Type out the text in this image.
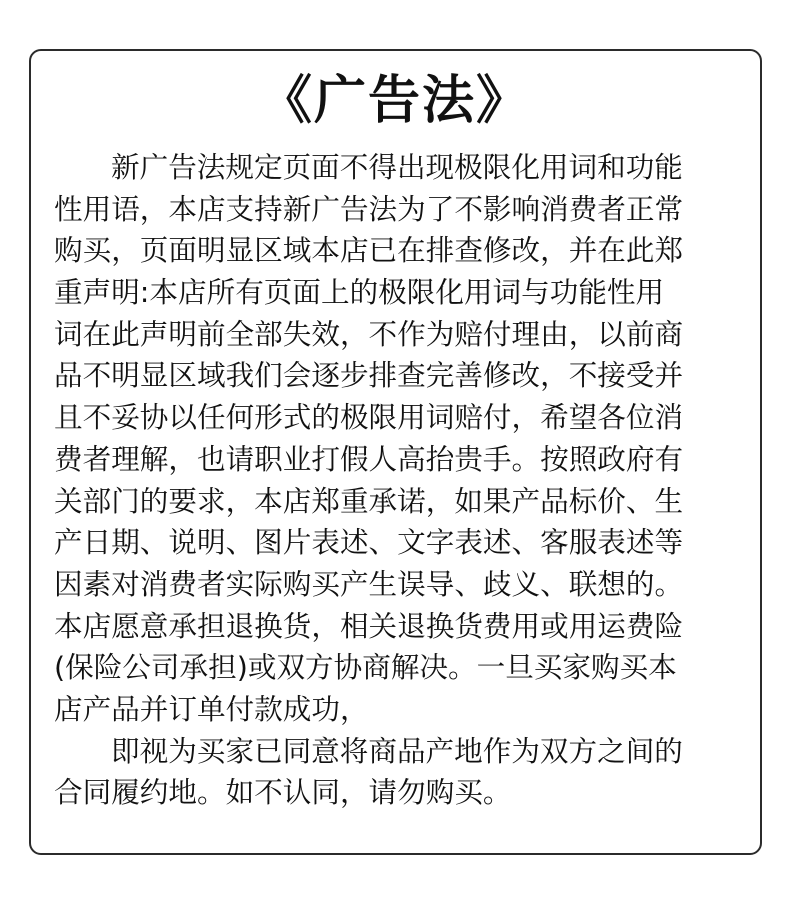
《广告法》
新广告法规定页面不得出现极限化用词和功能
性用语，本店支持新广告法为了不影响消费者正常
购买，页面明显区域本店已在排查修改，并在此郑
重声明:本店所有页面上的极限化用词与功能性用
词在此声明前全部失效，不作为赔付理由，以前商
品不明显区域我们会逐步排查完善修改，不接受并
且不妥协以任何形式的极限用词赔付，希望各位消
费者理解，也请职业打假人高抬贵手。按照政府有
关部门的要求，本店郑重承诺，如果产品标价、生
产日期、说明、图片表述、文字表述、客服表述等
因素对消费者实际购买产生误导、歧义、联想的。
本店愿意承担退换货，相关退换货费用或用运费险
(保险公司承担)或双方协商解决。一旦买家购买本
店产品并订单付款成功，
即视为买家已同意将商品产地作为双方之间的
合同履约地。如不认同，请勿购买。
